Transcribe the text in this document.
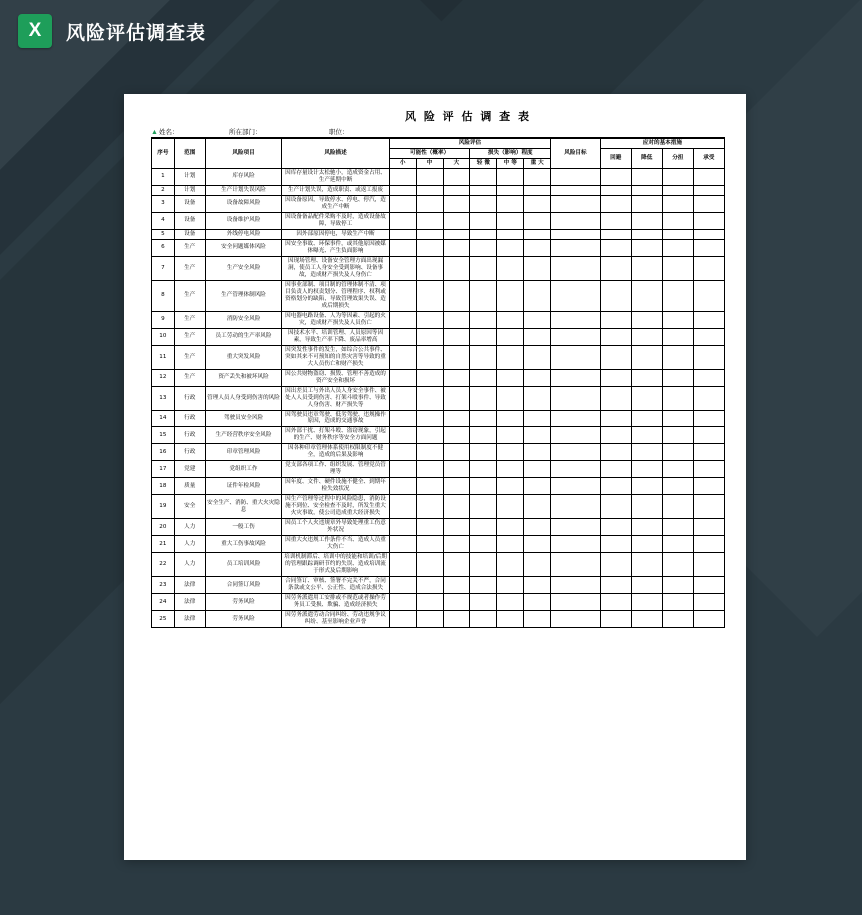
X	风险评估调查表
风 险 评 估 调 查 表
▲ 姓名：	所在部门：	职位：
序号	范围	风险项目	风险描述	风险评估						风险目标	应对的基本措施			
				可能性（概率）			损失（影响）程度				回避	降低	分担	承受
				小	中	大	轻 微	中 等	重 大					
1	计划	库存风险	因库存量设计太松驰小，造成资金占用、生产延期中断											
2	计划	生产计划失误风险	生产计划失误，造成职责、或返工报废											
3	设备	设备故障风险	因设备原因，导致停水、停电、停汽，造成生产中断											
4	设备	设备维护风险	因设备备品配件采购不及时，造成设备故障，导致停工											
5	设备	外线停电风险	因外部原因停电，导致生产中断											
6	生产	安全问题媒体风险	因安全事故、环保事件，或其他原因被媒体曝光、产生负面影响											
7	生产	生产安全风险	因现场管理、设备安全管理方面出现漏洞，使员工人身安全受到影响、设备事故，造成财产损失及人身伤亡											
8	生产	生产管理体制风险	因事业部制、项目制的管理体制不清、项目负责人的权责划分、管理程序、权利或资格划分的缺陷，导致管理效果失误、造成后期损失											
9	生产	消防安全风险	因电器电路设备、人为等因素、引起的火灾，造成财产损失及人员伤亡											
10	生产	员工劳动的生产率风险	因技术水平、培训管理、人员原因等因素，导致生产率下降、废品率增高											
11	生产	重大突发风险	因突发性事件的发生，如综合公共事件、突如其来不可预知的自然灾害等导致的重大人员伤亡和财产损失											
12	生产	资产丢失和被坏风险	因公共财物盗窃、损毁、管理不善造成的资产安全和损坏											
13	行政	管理人员人身受到伤害的风险	因出差员工与外出人员人身安全事件、被处人人员受到伤害、打架斗殴事件、导致人身伤害、财产损失等											
14	行政	驾驶员安全风险	因驾驶员违章驾驶、低劣驾驶、违规操作原因，造成的交通事故											
15	行政	生产经营秩序安全风险	因外部干扰、打架斗殴、盗窃现象，引起的生产、财务秩序等安全方面问题											
16	行政	印章管理风险	因各种印章管理体系使用权限制度不健全，造成的后果及影响											
17	党建	党组织工作	党支部各项工作、组织发展、管理党员管理等											
18	质量	证件年检风险	因年度、文件、硬件设施不健全、到期年检失效状况											
19	安全	安全生产、消防、重大火灾隐息	因生产管理等过程中的风险隐患，消防设施不到位、安全检查不及时，所发生重大火灾事故，使公司造成重大经济损失											
20	人力	一般工伤	因员工个人火违规章外导致处理重工伤意外状况											
21	人力	重大工伤事故风险	因重大火违规工作条件不当、造成人员重大伤亡											
22	人力	员工培训风险	培训机制滞后、培训中的技能和培训/后期的管理跟踪调研节约的失误、造成培训流于形式及后期影响											
23	法律	合同签订风险	合同签订、审核、签署不完关不严，合同条款或文公平、公正性、造成合法损失											
24	法律	劳务风险	因劳务派遣用工安排或不规范或者操作劳务员工受损、欺骗、造成经济损失											
25	法律	劳务风险	因劳务派遣劳动合同纠纷、劳动违规争议纠纷、基至影响企业声誉											
